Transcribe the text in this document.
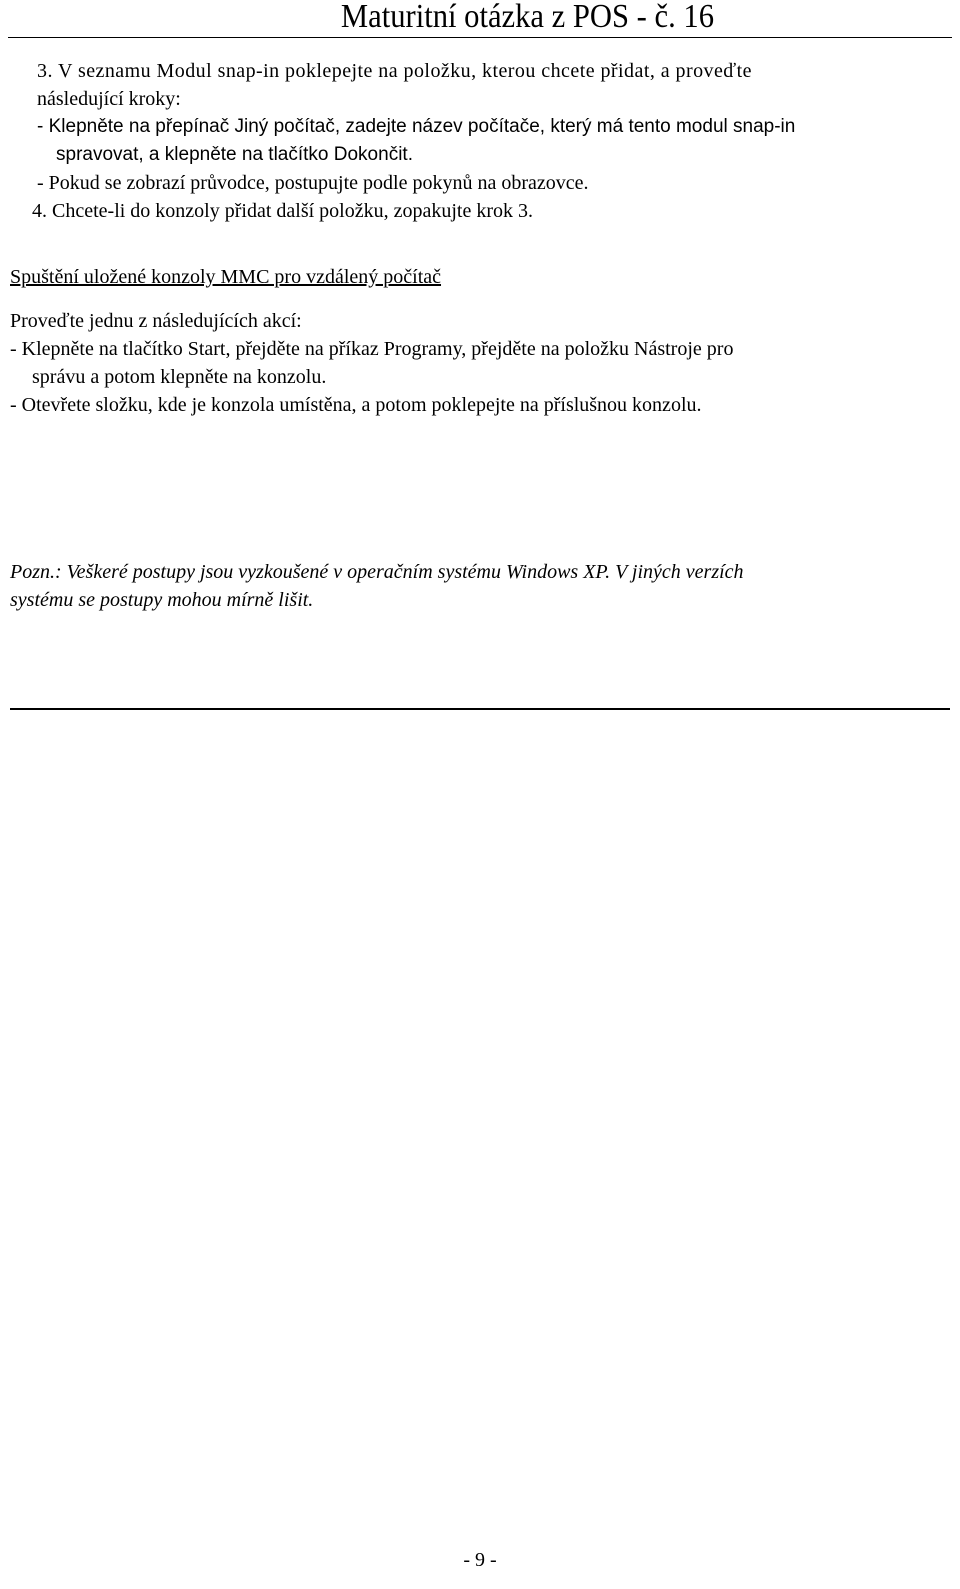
Maturitní otázka z POS - č. 16
3. V seznamu Modul snap-in poklepejte na položku, kterou chcete přidat, a proveďte
následující kroky:
- Klepněte na přepínač Jiný počítač, zadejte název počítače, který má tento modul snap-in
spravovat, a klepněte na tlačítko Dokončit.
- Pokud se zobrazí průvodce, postupujte podle pokynů na obrazovce.
4. Chcete-li do konzoly přidat další položku, zopakujte krok 3.
Spuštění uložené konzoly MMC pro vzdálený počítač
Proveďte jednu z následujících akcí:
- Klepněte na tlačítko Start, přejděte na příkaz Programy, přejděte na položku Nástroje pro
správu a potom klepněte na konzolu.
- Otevřete složku, kde je konzola umístěna, a potom poklepejte na příslušnou konzolu.
Pozn.: Veškeré postupy jsou vyzkoušené v operačním systému Windows XP. V jiných verzích
systému se postupy mohou mírně lišit.
- 9 -
